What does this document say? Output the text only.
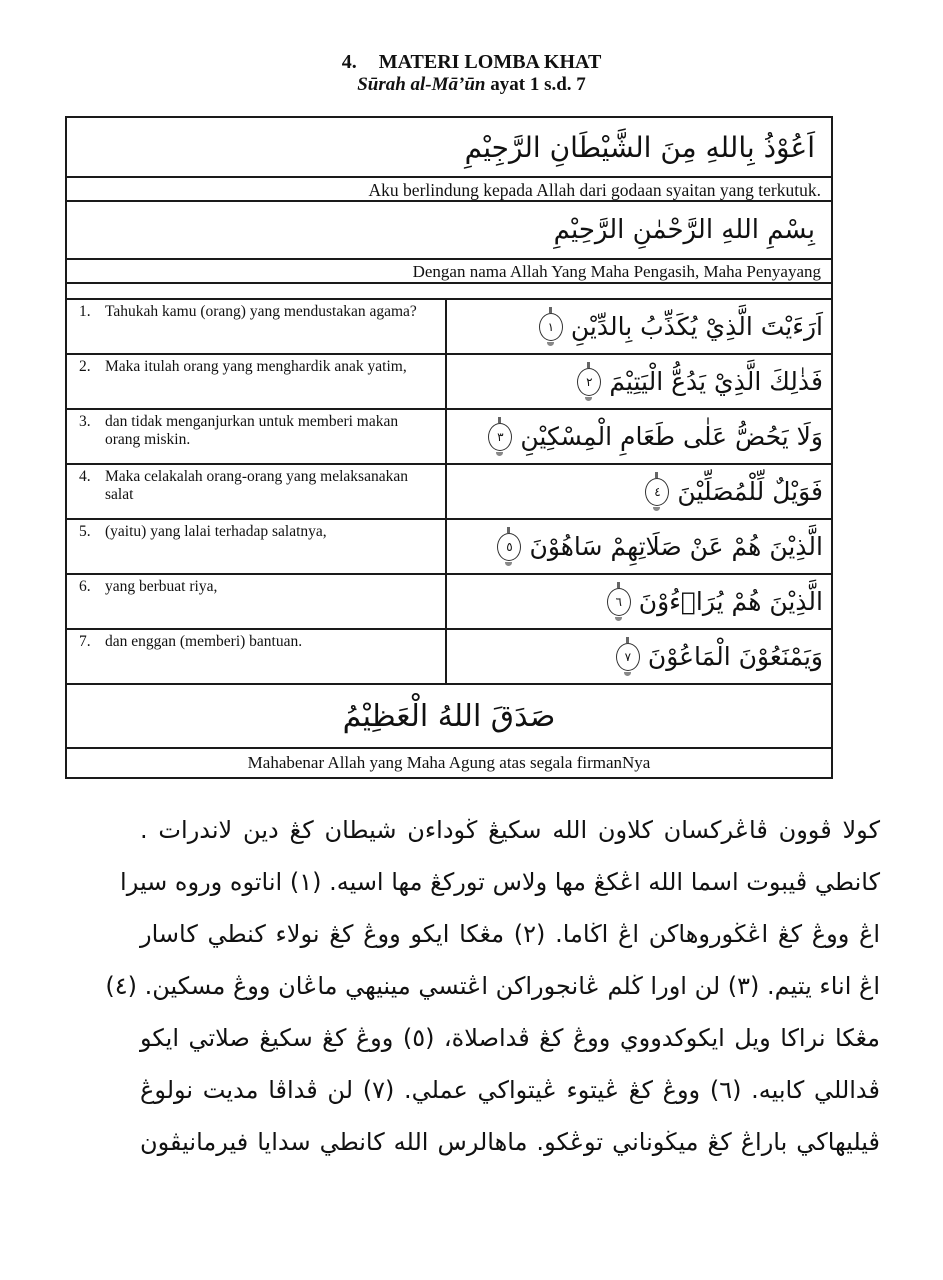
4. MATERI LOMBA KHAT
Sūrah al-Mā’ūn ayat 1 s.d. 7
اَعُوْذُ بِاللهِ مِنَ الشَّيْطَانِ الرَّجِيْمِ
Aku berlindung kepada Allah dari godaan syaitan yang terkutuk.
بِسْمِ اللهِ الرَّحْمٰنِ الرَّحِيْمِ
Dengan nama Allah Yang Maha Pengasih, Maha Penyayang
1. Tahukah kamu (orang) yang mendustakan agama?
اَرَءَيْتَ الَّذِيْ يُكَذِّبُ بِالدِّيْنِ
١
2. Maka itulah orang yang menghardik anak yatim,
فَذٰلِكَ الَّذِيْ يَدُعُّ الْيَتِيْمَ
٢
3. dan tidak menganjurkan untuk memberi makan orang miskin.	وَلَا يَحُضُّ عَلٰى طَعَامِ الْمِسْكِيْنِ
٣
4. Maka celakalah orang-orang yang melaksanakan salat	فَوَيْلٌ لِّلْمُصَلِّيْنَ
٤
5. (yaitu) yang lalai terhadap salatnya,
الَّذِيْنَ هُمْ عَنْ صَلَاتِهِمْ سَاهُوْنَ
٥
6. yang berbuat riya,
الَّذِيْنَ هُمْ يُرَاۤءُوْنَ
٦
7. dan enggan (memberi) bantuan.
وَيَمْنَعُوْنَ الْمَاعُوْنَ
٧
صَدَقَ اللهُ الْعَظِيْمُ
Mahabenar Allah yang Maha Agung atas segala firmanNya
كولا ڤوون ڤاڠرکسان کلاون الله سکيڠ ڬوداءن شيطان کڠ دين لاندرات .
کانطي ڤيبوت اسما الله اڠکڠ مها ولاس تورکڠ مها اسيه. (١) اناتوه وروه سيرا
اڠ ووڠ کڠ اڠڬوروهاکن اڠ اڬاما. (٢) مڠکا ايکو ووڠ کڠ نولاء کنطي کاسار
اڠ اناء يتيم. (٣) لن اورا ڬلم ڠانجوراکن اڠتسي مينيهي ماڠان ووڠ مسکين. (٤)
مڠکا نراکا ويل ايکوکدووي ووڠ کڠ ڤداصلاة، (٥) ووڠ کڠ سکيڠ صلاتي ايکو
ڤداللي کابيه. (٦) ووڠ کڠ ڠيتوء ڠيتواکي عملي. (٧) لن ڤداڤا مديت نولوڠ
ڤيليهاکي باراڠ کڠ ميڬوناني توڠکو. ماهالرس الله کانطي سدايا فيرمانيڤون
